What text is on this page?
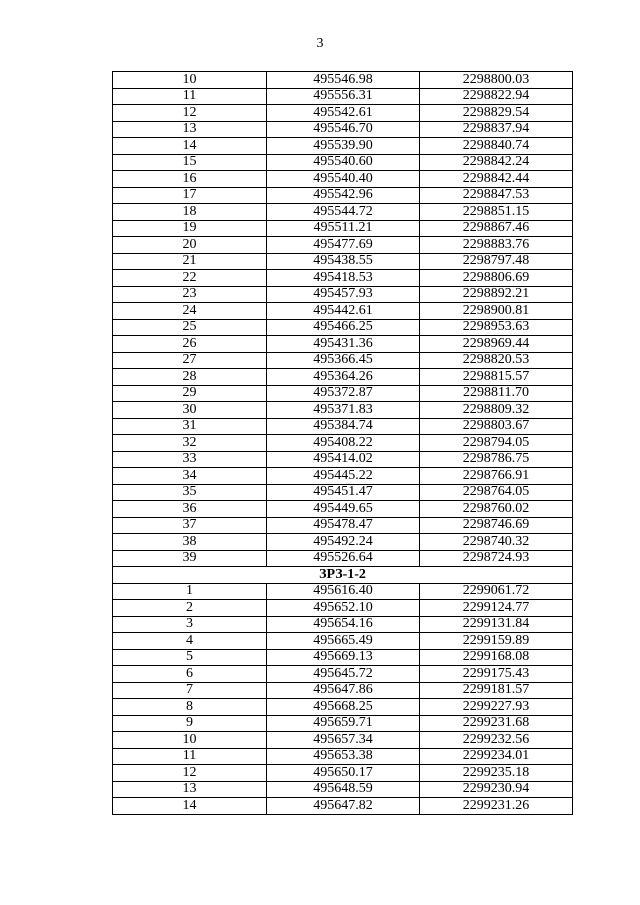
3
10	495546.98	2298800.03
11	495556.31	2298822.94
12	495542.61	2298829.54
13	495546.70	2298837.94
14	495539.90	2298840.74
15	495540.60	2298842.24
16	495540.40	2298842.44
17	495542.96	2298847.53
18	495544.72	2298851.15
19	495511.21	2298867.46
20	495477.69	2298883.76
21	495438.55	2298797.48
22	495418.53	2298806.69
23	495457.93	2298892.21
24	495442.61	2298900.81
25	495466.25	2298953.63
26	495431.36	2298969.44
27	495366.45	2298820.53
28	495364.26	2298815.57
29	495372.87	2298811.70
30	495371.83	2298809.32
31	495384.74	2298803.67
32	495408.22	2298794.05
33	495414.02	2298786.75
34	495445.22	2298766.91
35	495451.47	2298764.05
36	495449.65	2298760.02
37	495478.47	2298746.69
38	495492.24	2298740.32
39	495526.64	2298724.93
ЗРЗ-1-2		
1	495616.40	2299061.72
2	495652.10	2299124.77
3	495654.16	2299131.84
4	495665.49	2299159.89
5	495669.13	2299168.08
6	495645.72	2299175.43
7	495647.86	2299181.57
8	495668.25	2299227.93
9	495659.71	2299231.68
10	495657.34	2299232.56
11	495653.38	2299234.01
12	495650.17	2299235.18
13	495648.59	2299230.94
14	495647.82	2299231.26
